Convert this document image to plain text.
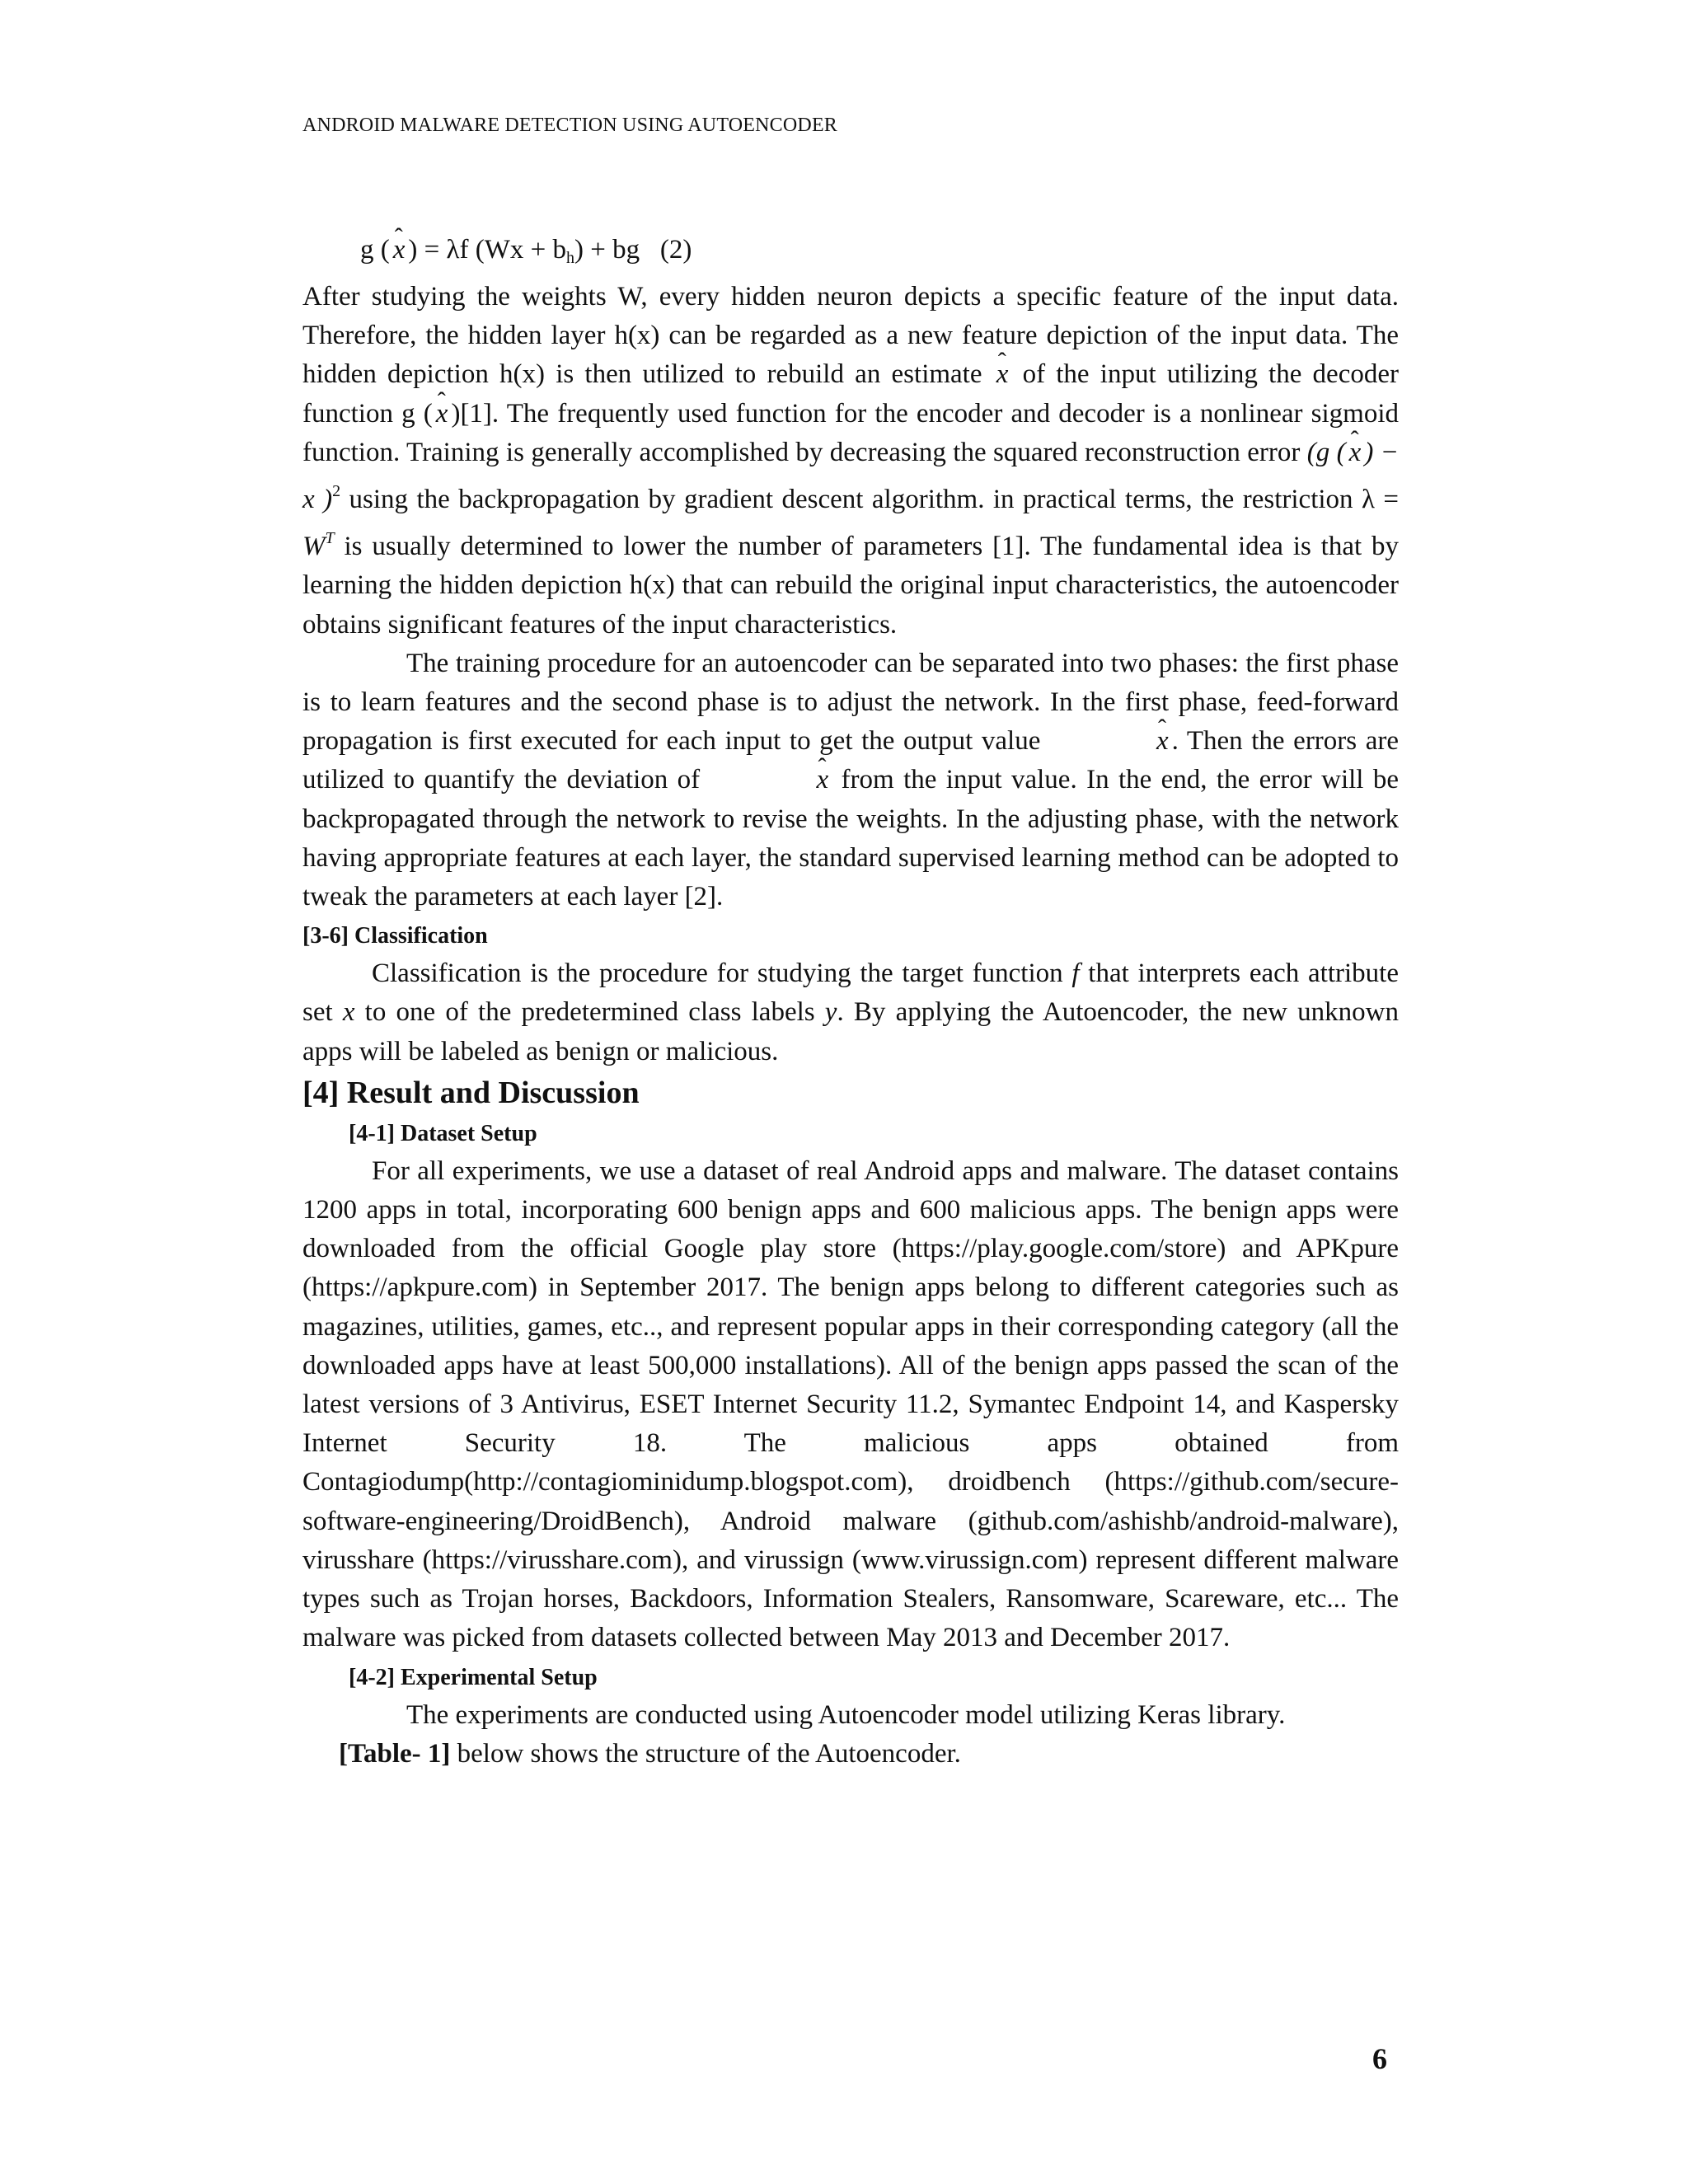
ANDROID MALWARE DETECTION USING AUTOENCODER

g ( ˆ x ) = λf $(Wx + b_h)$ + bg (2)

After studying the weights W, every hidden neuron depicts a specific feature of the input data. Therefore, the hidden layer h(x) can be regarded as a new feature depiction of the input data. The hidden depiction h(x) is then utilized to rebuild an estimate ˆ x of the input utilizing the decoder function g ( ˆ x )[1]. The frequently used function for the encoder and decoder is a nonlinear sigmoid function. Training is generally accomplished by decreasing the squared reconstruction error (g ( ˆ x ) − x )$^2$ using the backpropagation by gradient descent algorithm. in practical terms, the restriction $\lambda = W^T$ is usually determined to lower the number of parameters [1]. The fundamental idea is that by learning the hidden depiction h(x) that can rebuild the original input characteristics, the autoencoder obtains significant features of the input characteristics.

The training procedure for an autoencoder can be separated into two phases: the first phase is to learn features and the second phase is to adjust the network. In the first phase, feed-forward propagation is first executed for each input to get the output value	ˆ x . Then the errors are utilized to quantify the deviation of	ˆ x from the input value. In the end, the error will be backpropagated through the network to revise the weights. In the adjusting phase, with the network having appropriate features at each layer, the standard supervised learning method can be adopted to tweak the parameters at each layer [2].

[3-6] Classification

Classification is the procedure for studying the target function f that interprets each attribute set x to one of the predetermined class labels y. By applying the Autoencoder, the new unknown apps will be labeled as benign or malicious.

[4] Result and Discussion
[4-1] Dataset Setup

For all experiments, we use a dataset of real Android apps and malware. The dataset contains 1200 apps in total, incorporating 600 benign apps and 600 malicious apps. The benign apps were downloaded from the official Google play store (https://play.google.com/store) and APKpure (https://apkpure.com) in September 2017. The benign apps belong to different categories such as magazines, utilities, games, etc.., and represent popular apps in their corresponding category (all the downloaded apps have at least 500,000 installations). All of the benign apps passed the scan of the latest versions of 3 Antivirus, ESET Internet Security 11.2, Symantec Endpoint 14, and Kaspersky Internet Security 18. The malicious apps obtained from Contagiodump(http://contagiominidump.blogspot.com), droidbench (https://github.com/secure-software-engineering/DroidBench), Android malware (github.com/ashishb/android-malware), virusshare (https://virusshare.com), and virussign (www.virussign.com) represent different malware types such as Trojan horses, Backdoors, Information Stealers, Ransomware, Scareware, etc... The malware was picked from datasets collected between May 2013 and December 2017.

[4-2] Experimental Setup

The experiments are conducted using Autoencoder model utilizing Keras library.

[Table- 1] below shows the structure of the Autoencoder.

6
